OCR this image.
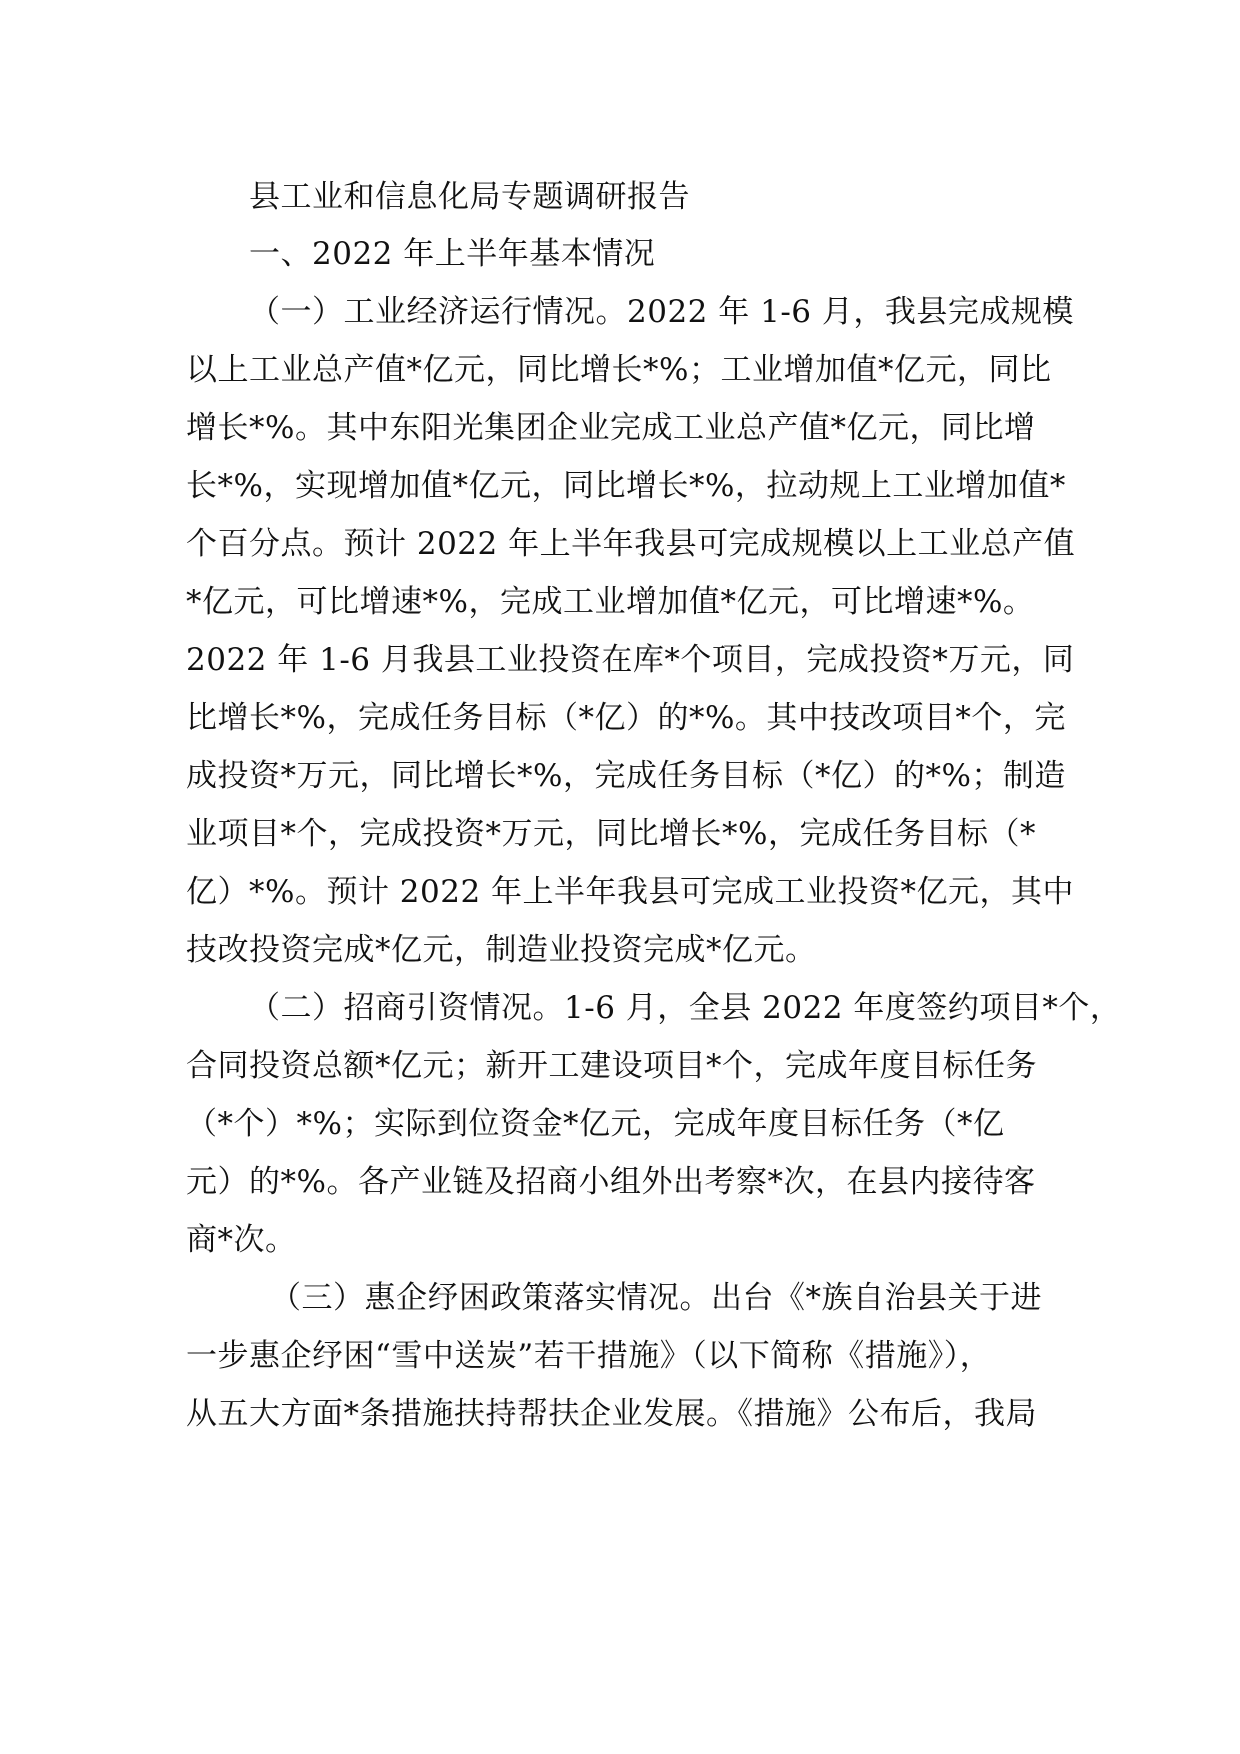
县工业和信息化局专题调研报告
一、2022 年上半年基本情况
（一）工业经济运行情况。2022 年 1-6 月，我县完成规模
以上工业总产值*亿元，同比增长*%；工业增加值*亿元，同比
增长*%。其中东阳光集团企业完成工业总产值*亿元，同比增
长*%，实现增加值*亿元，同比增长*%，拉动规上工业增加值*
个百分点。预计 2022 年上半年我县可完成规模以上工业总产值
*亿元，可比增速*%，完成工业增加值*亿元，可比增速*%。
2022 年 1-6 月我县工业投资在库*个项目，完成投资*万元，同
比增长*%，完成任务目标（*亿）的*%。其中技改项目*个，完
成投资*万元，同比增长*%，完成任务目标（*亿）的*%；制造
业项目*个，完成投资*万元，同比增长*%，完成任务目标（*
亿）*%。预计 2022 年上半年我县可完成工业投资*亿元，其中
技改投资完成*亿元，制造业投资完成*亿元。
（二）招商引资情况。1-6 月，全县 2022 年度签约项目*个，
合同投资总额*亿元；新开工建设项目*个，完成年度目标任务
（*个）*%；实际到位资金*亿元，完成年度目标任务（*亿
元）的*%。各产业链及招商小组外出考察*次，在县内接待客
商*次。
（三）惠企纾困政策落实情况。出台《*族自治县关于进
一步惠企纾困“雪中送炭”若干措施》（以下简称《措施》），
从五大方面*条措施扶持帮扶企业发展。《措施》公布后，我局
